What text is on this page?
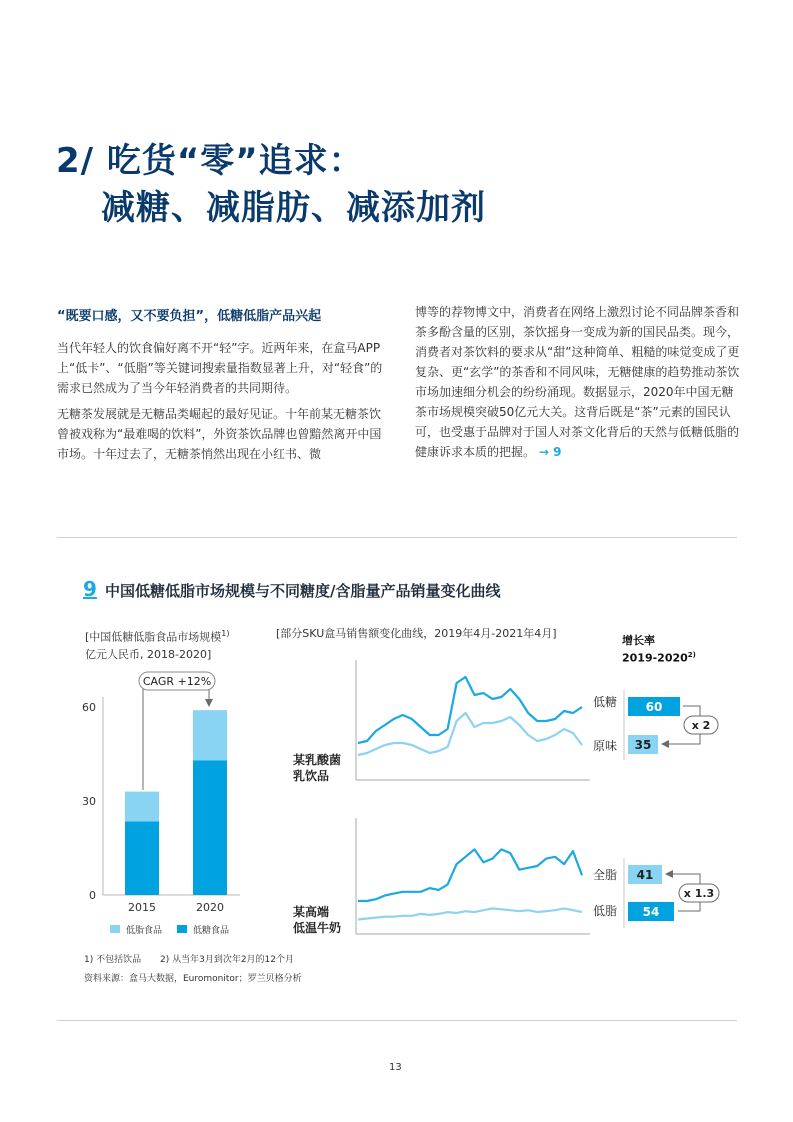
2/ 吃货“零”追求：
减糖、减脂肪、减添加剂
“既要口感，又不要负担”，低糖低脂产品兴起

当代年轻人的饮食偏好离不开“轻”字。近两年来，在盒马APP上“低卡”、“低脂”等关键词搜索量指数显著上升，对“轻食”的需求已然成为了当今年轻消费者的共同期待。

无糖茶发展就是无糖品类崛起的最好见证。十年前某无糖茶饮曾被戏称为“最难喝的饮料”，外资茶饮品牌也曾黯然离开中国市场。十年过去了，无糖茶悄然出现在小红书、微

博等的荐物博文中，消费者在网络上激烈讨论不同品牌茶香和茶多酚含量的区别，茶饮摇身一变成为新的国民品类。现今，消费者对茶饮料的要求从“甜”这种简单、粗糙的味觉变成了更复杂、更“玄学”的茶香和不同风味，无糖健康的趋势推动茶饮市场加速细分机会的纷纷涌现。数据显示，2020年中国无糖茶市场规模突破50亿元大关。这背后既是“茶”元素的国民认可，也受惠于品牌对于国人对茶文化背后的天然与低糖低脂的健康诉求本质的把握。 → 9

9 中国低糖低脂市场规模与不同糖度/含脂量产品销量变化曲线
[中国低糖低脂食品市场规模$^{1)}$
亿元人民币, 2018-2020]
[部分SKU盒马销售额变化曲线，2019年4月-2021年4月]
增长率
2019-2020$^{2)}$
某乳酸菌
乳饮品
某高端
低温牛奶
0
30
60
2015	2020
CAGR +12%
低脂食品	低糖食品
低糖
原味
全脂
低脂
60
35
x 2
41
54
x 1.3
1) 不包括饮品 2) 从当年3月到次年2月的12个月
资料来源：盒马大数据，Euromonitor；罗兰贝格分析
13
